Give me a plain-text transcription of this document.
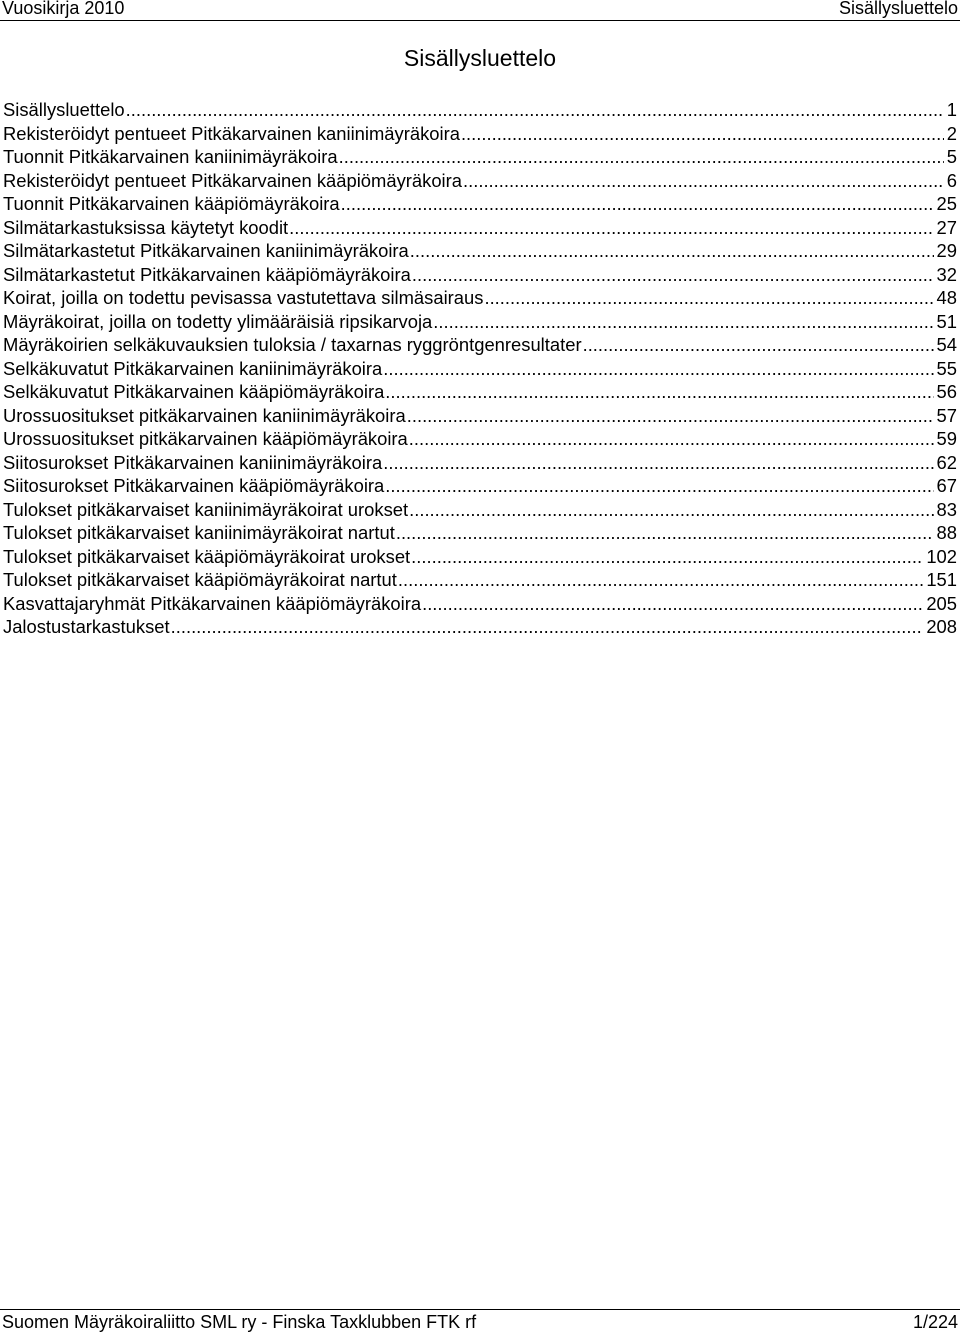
Vuosikirja 2010	Sisällysluettelo
Sisällysluettelo
Sisällysluettelo .....	1
Rekisteröidyt pentueet Pitkäkarvainen kaniinimäyräkoira .....	2
Tuonnit Pitkäkarvainen kaniinimäyräkoira .....	5
Rekisteröidyt pentueet Pitkäkarvainen kääpiömäyräkoira .....	6
Tuonnit Pitkäkarvainen kääpiömäyräkoira .....	25
Silmätarkastuksissa käytetyt koodit .....	27
Silmätarkastetut Pitkäkarvainen kaniinimäyräkoira .....	29
Silmätarkastetut Pitkäkarvainen kääpiömäyräkoira .....	32
Koirat, joilla on todettu pevisassa vastutettava silmäsairaus .....	48
Mäyräkoirat, joilla on todetty ylimääräisiä ripsikarvoja .....	51
Mäyräkoirien selkäkuvauksien tuloksia / taxarnas ryggröntgenresultater .....	54
Selkäkuvatut Pitkäkarvainen kaniinimäyräkoira .....	55
Selkäkuvatut Pitkäkarvainen kääpiömäyräkoira .....	56
Urossuositukset pitkäkarvainen kaniinimäyräkoira .....	57
Urossuositukset pitkäkarvainen kääpiömäyräkoira .....	59
Siitosurokset Pitkäkarvainen kaniinimäyräkoira .....	62
Siitosurokset Pitkäkarvainen kääpiömäyräkoira .....	67
Tulokset pitkäkarvaiset kaniinimäyräkoirat urokset .....	83
Tulokset pitkäkarvaiset kaniinimäyräkoirat nartut .....	88
Tulokset pitkäkarvaiset kääpiömäyräkoirat urokset .....	102
Tulokset pitkäkarvaiset kääpiömäyräkoirat nartut .....	151
Kasvattajaryhmät Pitkäkarvainen kääpiömäyräkoira .....	205
Jalostustarkastukset .....	208
Suomen Mäyräkoiraliitto SML ry - Finska Taxklubben FTK rf	1/224
